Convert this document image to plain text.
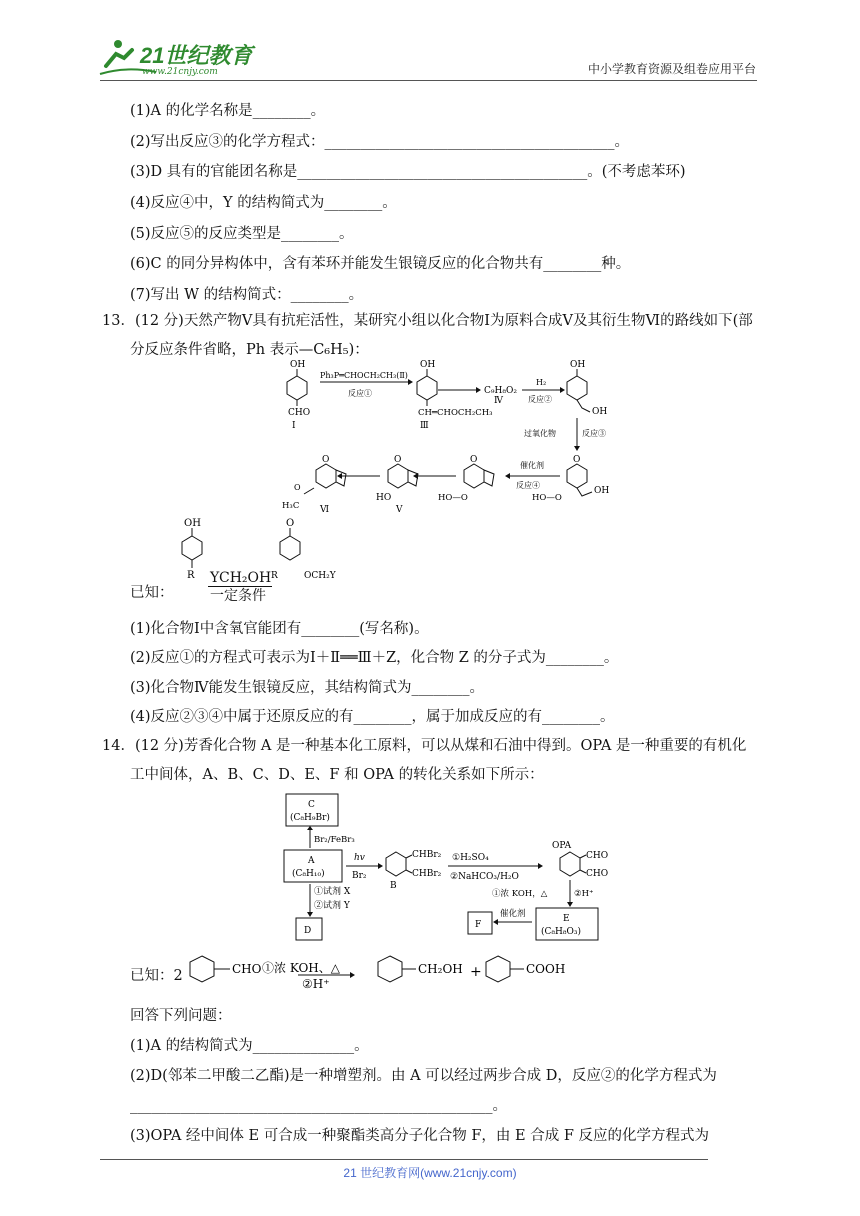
21世纪教育
www.21cnjy.com	中小学教育资源及组卷应用平台
(1)A 的化学名称是________。
(2)写出反应③的化学方程式：________________________________________。
(3)D 具有的官能团名称是________________________________________。(不考虑苯环)
(4)反应④中，Y 的结构简式为________。
(5)反应⑤的反应类型是________。
(6)C 的同分异构体中，含有苯环并能发生银镜反应的化合物共有________种。
(7)写出 W 的结构简式：________。
13．(12 分)天然产物Ⅴ具有抗疟活性，某研究小组以化合物Ⅰ为原料合成Ⅴ及其衍生物Ⅵ的路线如下(部
分反应条件省略，Ph 表示—C₆H₅)：
OH
CHO
Ⅰ
Ph₃P═CHOCH₂CH₃(Ⅱ)
反应①
OH
CH═CHOCH₂CH₃
Ⅲ
C₉H₈O₂
Ⅳ
H₂
反应②
OH
OH
过氧化物	反应③
O
OH
HO—O
催化剂
反应④
O
HO—O
O
HO
Ⅴ
O
O
H₃C Ⅵ
已知：
OH
R
O
R	OCH₂Y
YCH₂OH
一定条件
(1)化合物Ⅰ中含氧官能团有________(写名称)。
(2)反应①的方程式可表示为Ⅰ＋Ⅱ══Ⅲ＋Z，化合物 Z 的分子式为________。
(3)化合物Ⅳ能发生银镜反应，其结构简式为________。
(4)反应②③④中属于还原反应的有________，属于加成反应的有________。
14．(12 分)芳香化合物 A 是一种基本化工原料，可以从煤和石油中得到。OPA 是一种重要的有机化
工中间体，A、B、C、D、E、F 和 OPA 的转化关系如下所示：
C
(C₈H₉Br)
Br₂/FeBr₃
A
(C₈H₁₀)
hv
Br₂
CHBr₂
CHBr₂
B
①H₂SO₄
②NaHCO₃/H₂O
OPA
CHO
CHO
①试剂 X
②试剂 Y
D
①浓 KOH，△	②H⁺
E
(C₈H₈O₃)
催化剂
F
已知：2	CHO ①浓 KOH、△
②H⁺
CH₂OH +	COOH
回答下列问题：
(1)A 的结构简式为______________。
(2)D(邻苯二甲酸二乙酯)是一种增塑剂。由 A 可以经过两步合成 D，反应②的化学方程式为
__________________________________________________。
(3)OPA 经中间体 E 可合成一种聚酯类高分子化合物 F，由 E 合成 F 反应的化学方程式为
21 世纪教育网(www.21cnjy.com)
